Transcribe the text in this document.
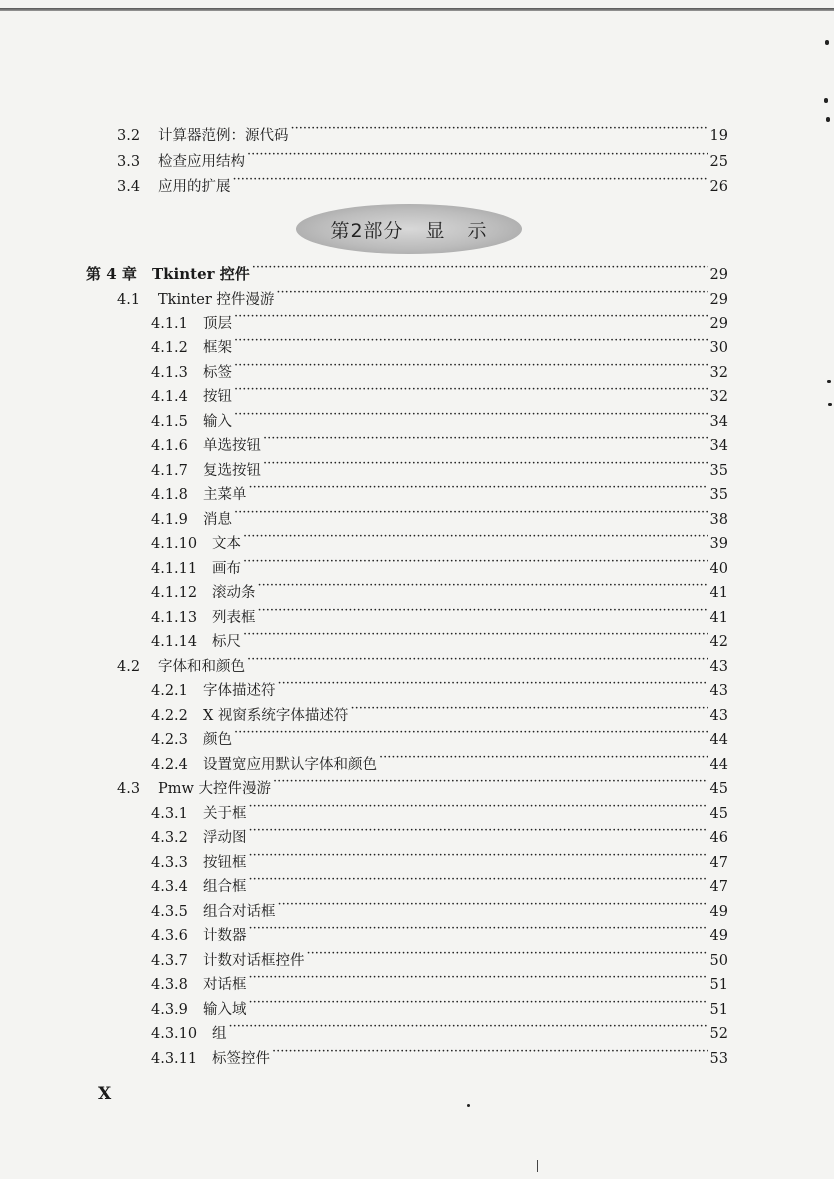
第2部分 显 示
3.2	计算器范例：源代码 ·····	19
3.3	检查应用结构 ·····	25
3.4	应用的扩展 ·····	26
第 4 章	Tkinter 控件 ·····	29
4.1	Tkinter 控件漫游 ·····	29
4.1.1	顶层 ·····	29
4.1.2	框架 ·····	30
4.1.3	标签 ·····	32
4.1.4	按钮 ·····	32
4.1.5	输入 ·····	34
4.1.6	单选按钮 ·····	34
4.1.7	复选按钮 ·····	35
4.1.8	主菜单 ·····	35
4.1.9	消息 ·····	38
4.1.10	文本 ·····	39
4.1.11	画布 ·····	40
4.1.12	滚动条 ·····	41
4.1.13	列表框 ·····	41
4.1.14	标尺 ·····	42
4.2	字体和和颜色 ·····	43
4.2.1	字体描述符 ·····	43
4.2.2	X 视窗系统字体描述符 ·····	43
4.2.3	颜色 ·····	44
4.2.4	设置宽应用默认字体和颜色 ·····	44
4.3	Pmw 大控件漫游 ·····	45
4.3.1	关于框 ·····	45
4.3.2	浮动图 ·····	46
4.3.3	按钮框 ·····	47
4.3.4	组合框 ·····	47
4.3.5	组合对话框 ·····	49
4.3.6	计数器 ·····	49
4.3.7	计数对话框控件 ·····	50
4.3.8	对话框 ·····	51
4.3.9	输入域 ·····	51
4.3.10	组 ·····	52
4.3.11	标签控件 ·····	53
X
